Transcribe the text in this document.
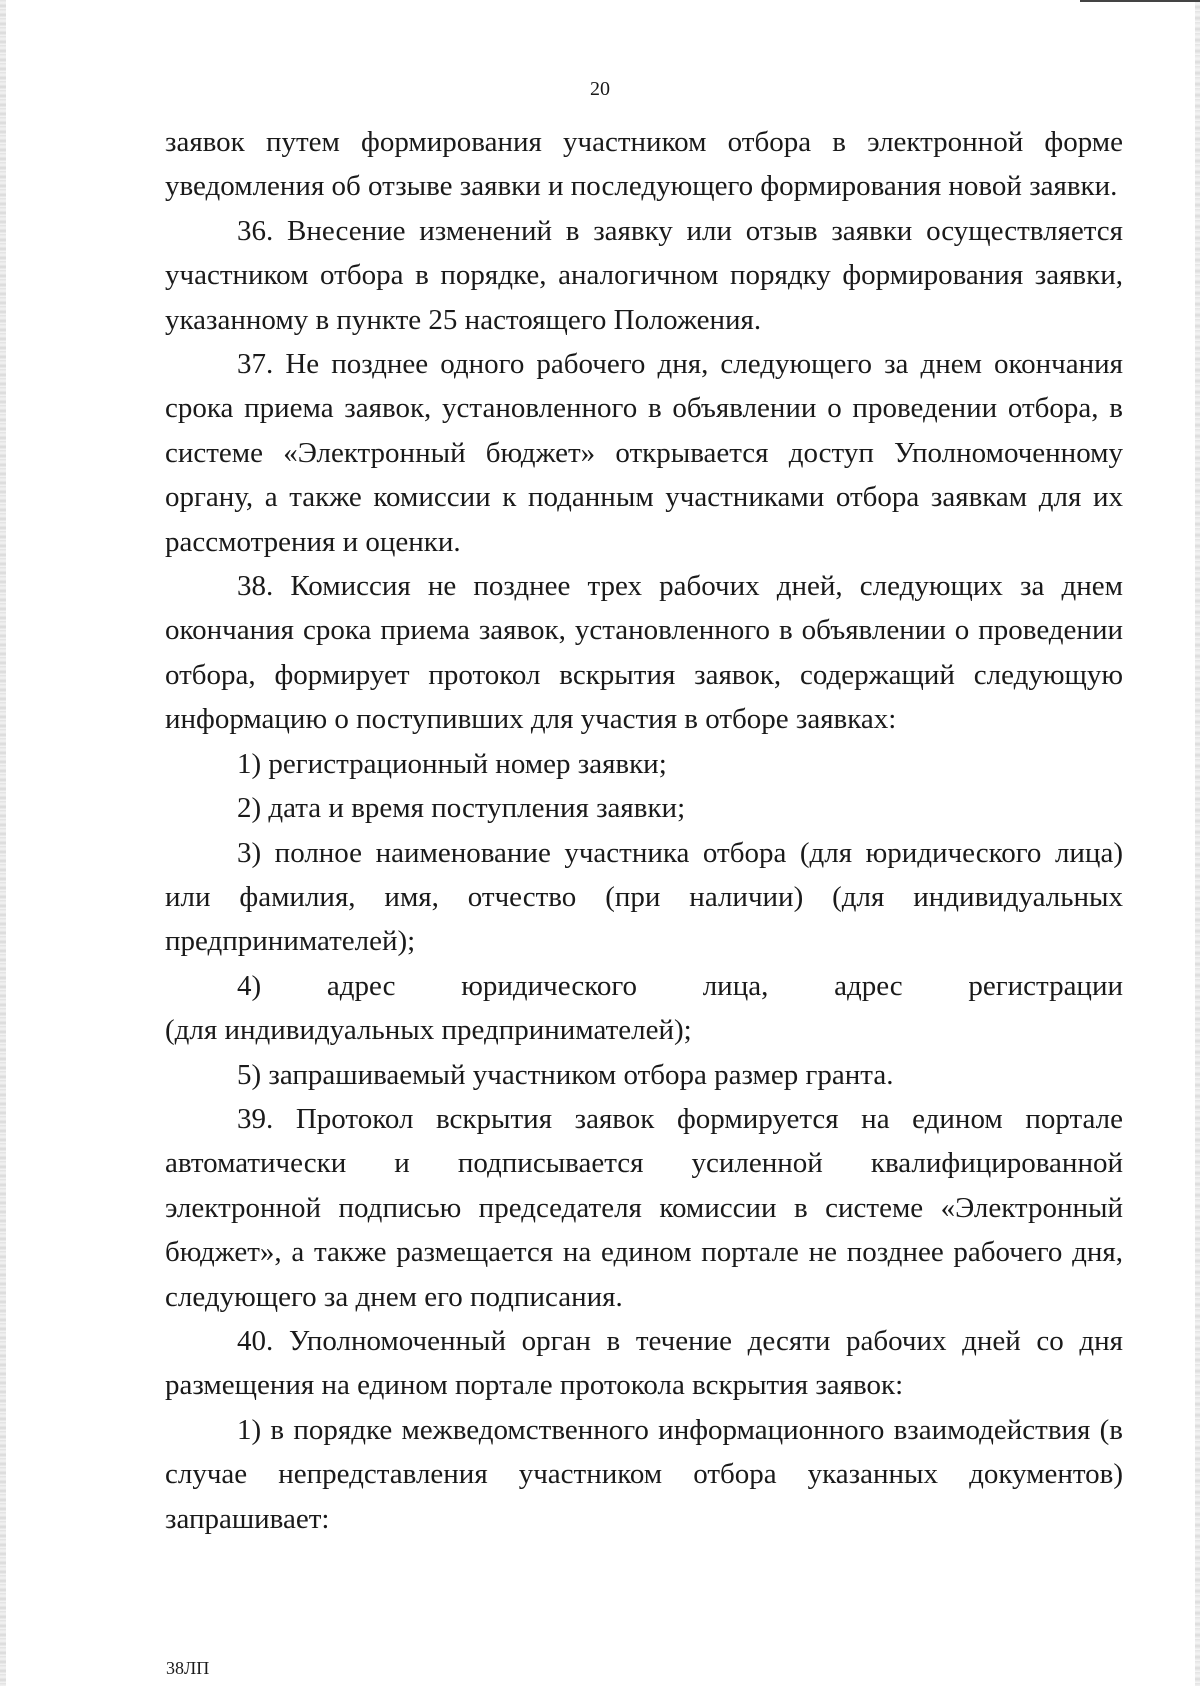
20

заявок путем формирования участником отбора в электронной форме уведомления об отзыве заявки и последующего формирования новой заявки.

36. Внесение изменений в заявку или отзыв заявки осуществляется участником отбора в порядке, аналогичном порядку формирования заявки, указанному в пункте 25 настоящего Положения.

37. Не позднее одного рабочего дня, следующего за днем окончания срока приема заявок, установленного в объявлении о проведении отбора, в системе «Электронный бюджет» открывается доступ Уполномоченному органу, а также комиссии к поданным участниками отбора заявкам для их рассмотрения и оценки.

38. Комиссия не позднее трех рабочих дней, следующих за днем окончания срока приема заявок, установленного в объявлении о проведении отбора, формирует протокол вскрытия заявок, содержащий следующую информацию о поступивших для участия в отборе заявках:

1) регистрационный номер заявки;

2) дата и время поступления заявки;

3) полное наименование участника отбора (для юридического лица) или фамилия, имя, отчество (при наличии) (для индивидуальных предпринимателей);

4) адрес юридического лица, адрес регистрации

(для индивидуальных предпринимателей);

5) запрашиваемый участником отбора размер гранта.

39. Протокол вскрытия заявок формируется на едином портале автоматически и подписывается усиленной квалифицированной электронной подписью председателя комиссии в системе «Электронный бюджет», а также размещается на едином портале не позднее рабочего дня, следующего за днем его подписания.

40. Уполномоченный орган в течение десяти рабочих дней со дня размещения на едином портале протокола вскрытия заявок:

1) в порядке межведомственного информационного взаимодействия (в случае непредставления участником отбора указанных документов) запрашивает:

38ЛП
